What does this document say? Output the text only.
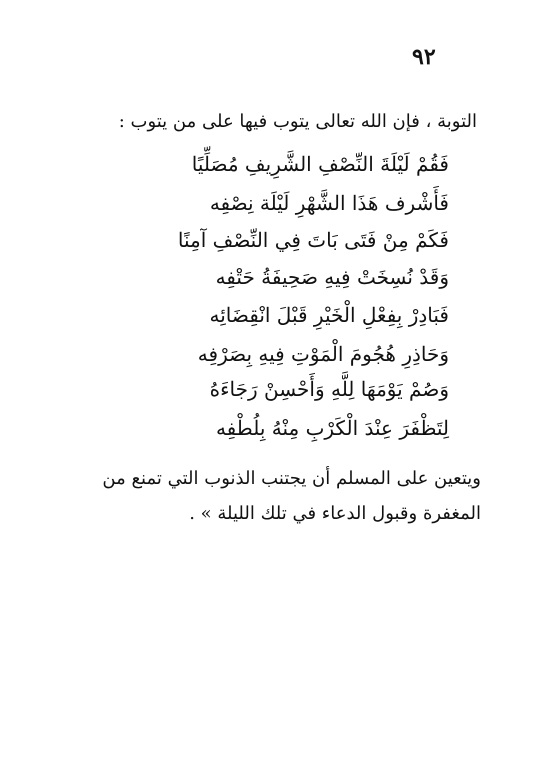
٩٢
التوبة ، فإن الله تعالى يتوب فيها على من يتوب :
فَقُمْ لَيْلَةَ النِّصْفِ الشَّرِيفِ مُصَلِّيًا
فَأَشْرف هَذَا الشَّهْرِ لَيْلَة نِصْفِه
فَكَمْ مِنْ فَتَى بَاتَ فِي النِّصْفِ آمِنًا
وَقَدْ نُسِخَتْ فِيهِ صَحِيفَةُ حَتْفِه
فَبَادِرْ بِفِعْلِ الْخَيْرِ قَبْلَ انْقِضَائِه
وَحَاذِرِ هُجُومَ الْمَوْتِ فِيهِ بِصَرْفِه
وَصُمْ يَوْمَهَا لِلَّهِ وَأَحْسِنْ رَجَاءَهُ
لِتَظْفَرَ عِنْدَ الْكَرْبِ مِنْهُ بِلُطْفِه
ويتعين على المسلم أن يجتنب الذنوب التي تمنع من
المغفرة وقبول الدعاء في تلك الليلة » .
